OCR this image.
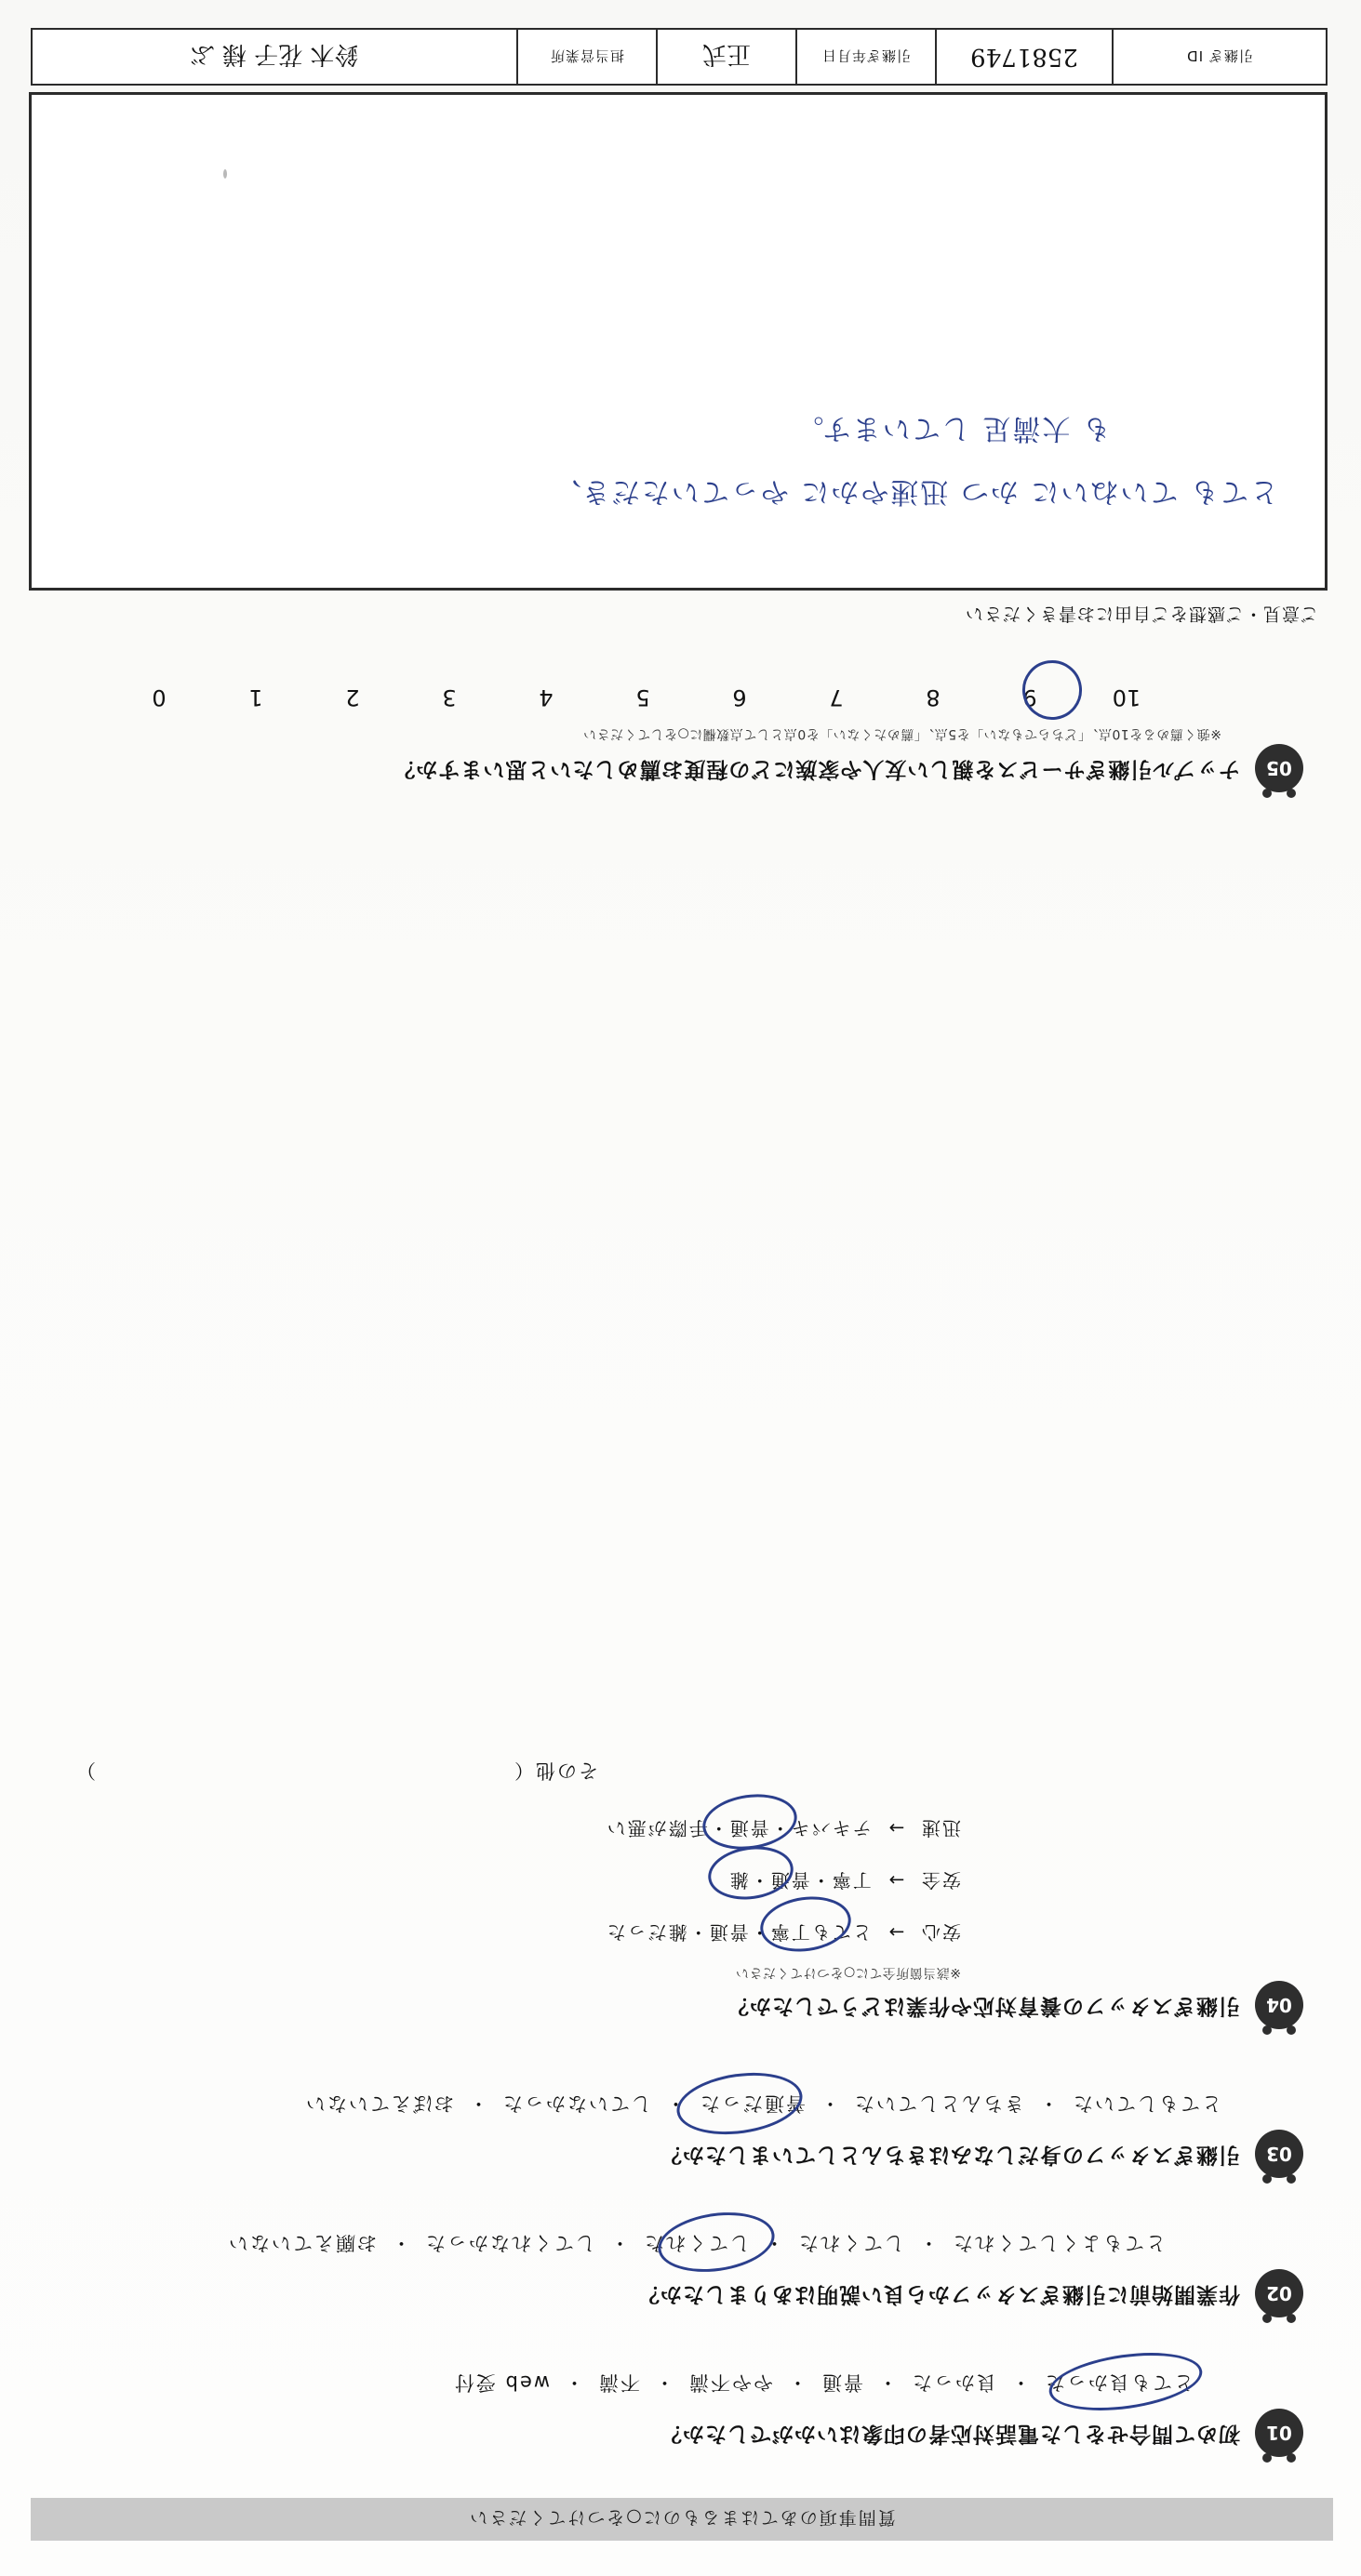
引継ぎ ID
2581749
引継ぎ年月日
正式
担当営業所
鈴木 花子 様 ぶ
質問事項のあてはまるものに○をつけてください
01
初めて問合せをした電話対応者の印象はいかがでしたか？
とても良かった・良かった・普通・やや不満・不満・web 受付
02
作業開始前に引継ぎスタッフから良い説明はありましたか？
とてもよくしてくれた・してくれた・してくれた・してくれなかった・お願えていない
03
引継ぎスタッフの身だしなみはきちんとしていましたか？
とてもしていた・きちんとしていた・普通だった・していなかった・おぼえていない
04
引継ぎスタッフの養育対応や作業はどうでしたか？
※該当箇所全てに○をつけてください
安心  →  とても丁寧・普通・雑だった
安全  →  丁寧・普通・雑
迅速  →  テキパキ・普通・手際が悪い
その他（
）
05
ナップル引継ぎサービスを親しい友人や家族にどの程度お薦めしたいと思いますか？
※強く薦めるを10点、「どちらでもない」を5点、「薦めたくない」を0点として点数欄に○をしてください
10
9
8
7
6
5
4
3
2
1
0
ご意見・ご感想をご自由にお書きください
とても ていねいに かつ 迅速やかに やっていただき、
も 大満足 しています。
